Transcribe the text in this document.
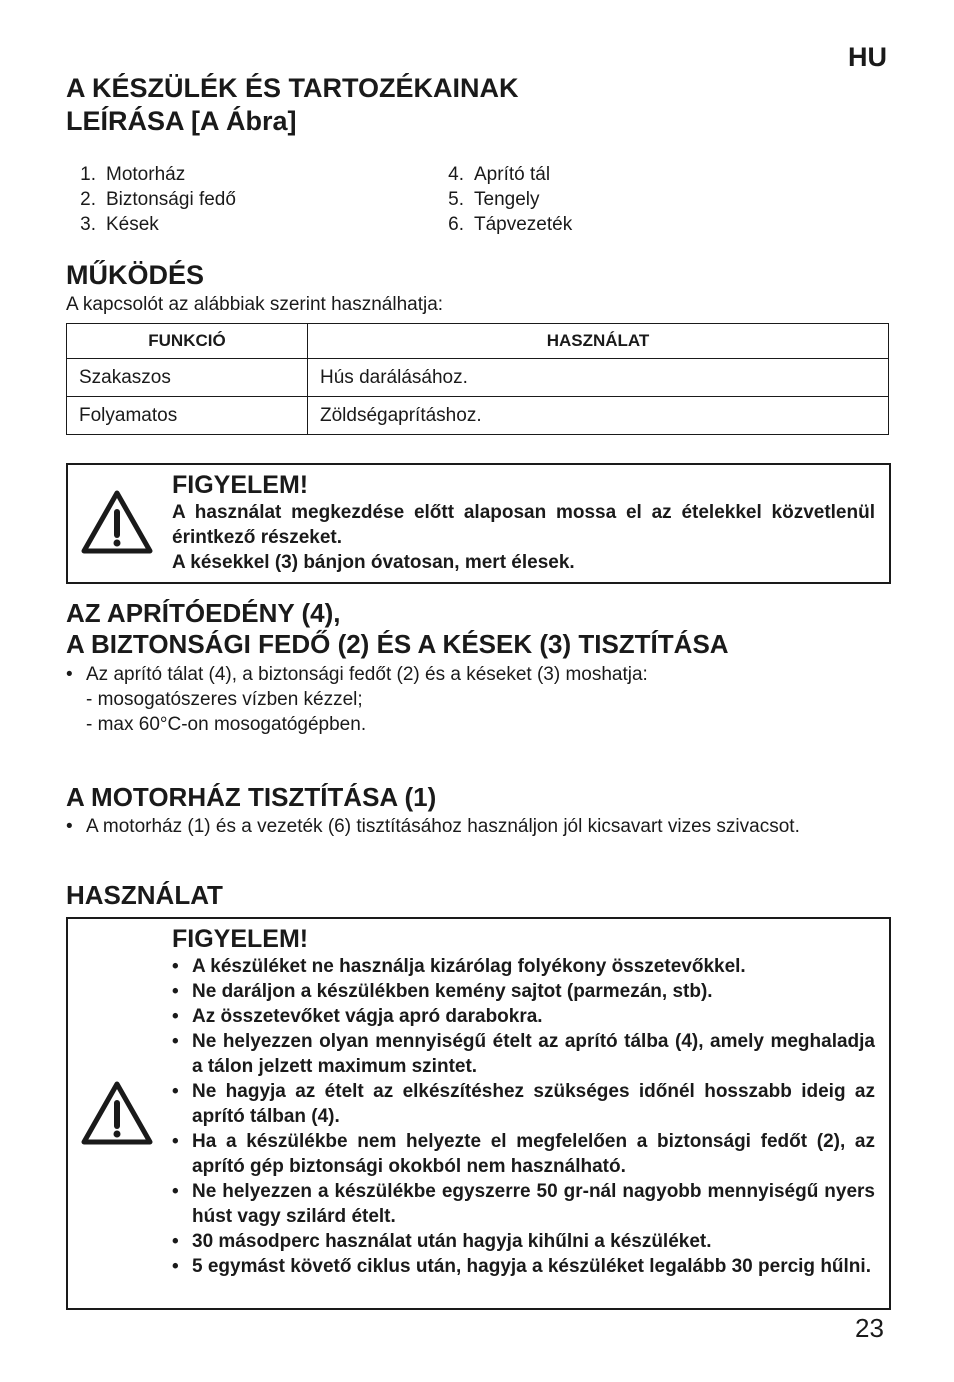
HU
A KÉSZÜLÉK ÉS TARTOZÉKAINAK
LEÍRÁSA [A Ábra]
1. Motorház
2. Biztonsági fedő
3. Kések
4. Aprító tál
5. Tengely
6. Tápvezeték
MŰKÖDÉS
A kapcsolót az alábbiak szerint használhatja:
FUNKCIÓ	HASZNÁLAT
Szakaszos	Hús darálásához.
Folyamatos	Zöldségaprításhoz.
FIGYELEM!

A használat megkezdése előtt alaposan mossa el az ételekkel közvetlenül érintkező részeket.

A késekkel (3) bánjon óvatosan, mert élesek.

AZ APRÍTÓEDÉNY (4),
A BIZTONSÁGI FEDŐ (2) ÉS A KÉSEK (3) TISZTÍTÁSA
• Az aprító tálat (4), a biztonsági fedőt (2) és a késeket (3) moshatja:
- mosogatószeres vízben kézzel;
- max 60°C-on mosogatógépben.
A MOTORHÁZ TISZTÍTÁSA (1)
• A motorház (1) és a vezeték (6) tisztításához használjon jól kicsavart vizes szivacsot.
HASZNÁLAT
FIGYELEM!
• A készüléket ne használja kizárólag folyékony összetevőkkel.
• Ne daráljon a készülékben kemény sajtot (parmezán, stb).
• Az összetevőket vágja apró darabokra.
• Ne helyezzen olyan mennyiségű ételt az aprító tálba (4), amely meghaladja a tálon jelzett maximum szintet.
• Ne hagyja az ételt az elkészítéshez szükséges időnél hosszabb ideig az aprító tálban (4).
• Ha a készülékbe nem helyezte el megfelelően a biztonsági fedőt (2), az aprító gép biztonsági okokból nem használható.
• Ne helyezzen a készülékbe egyszerre 50 gr-nál nagyobb mennyiségű nyers húst vagy szilárd ételt.
• 30 másodperc használat után hagyja kihűlni a készüléket.
• 5 egymást követő ciklus után, hagyja a készüléket legalább 30 percig hűlni.
23
